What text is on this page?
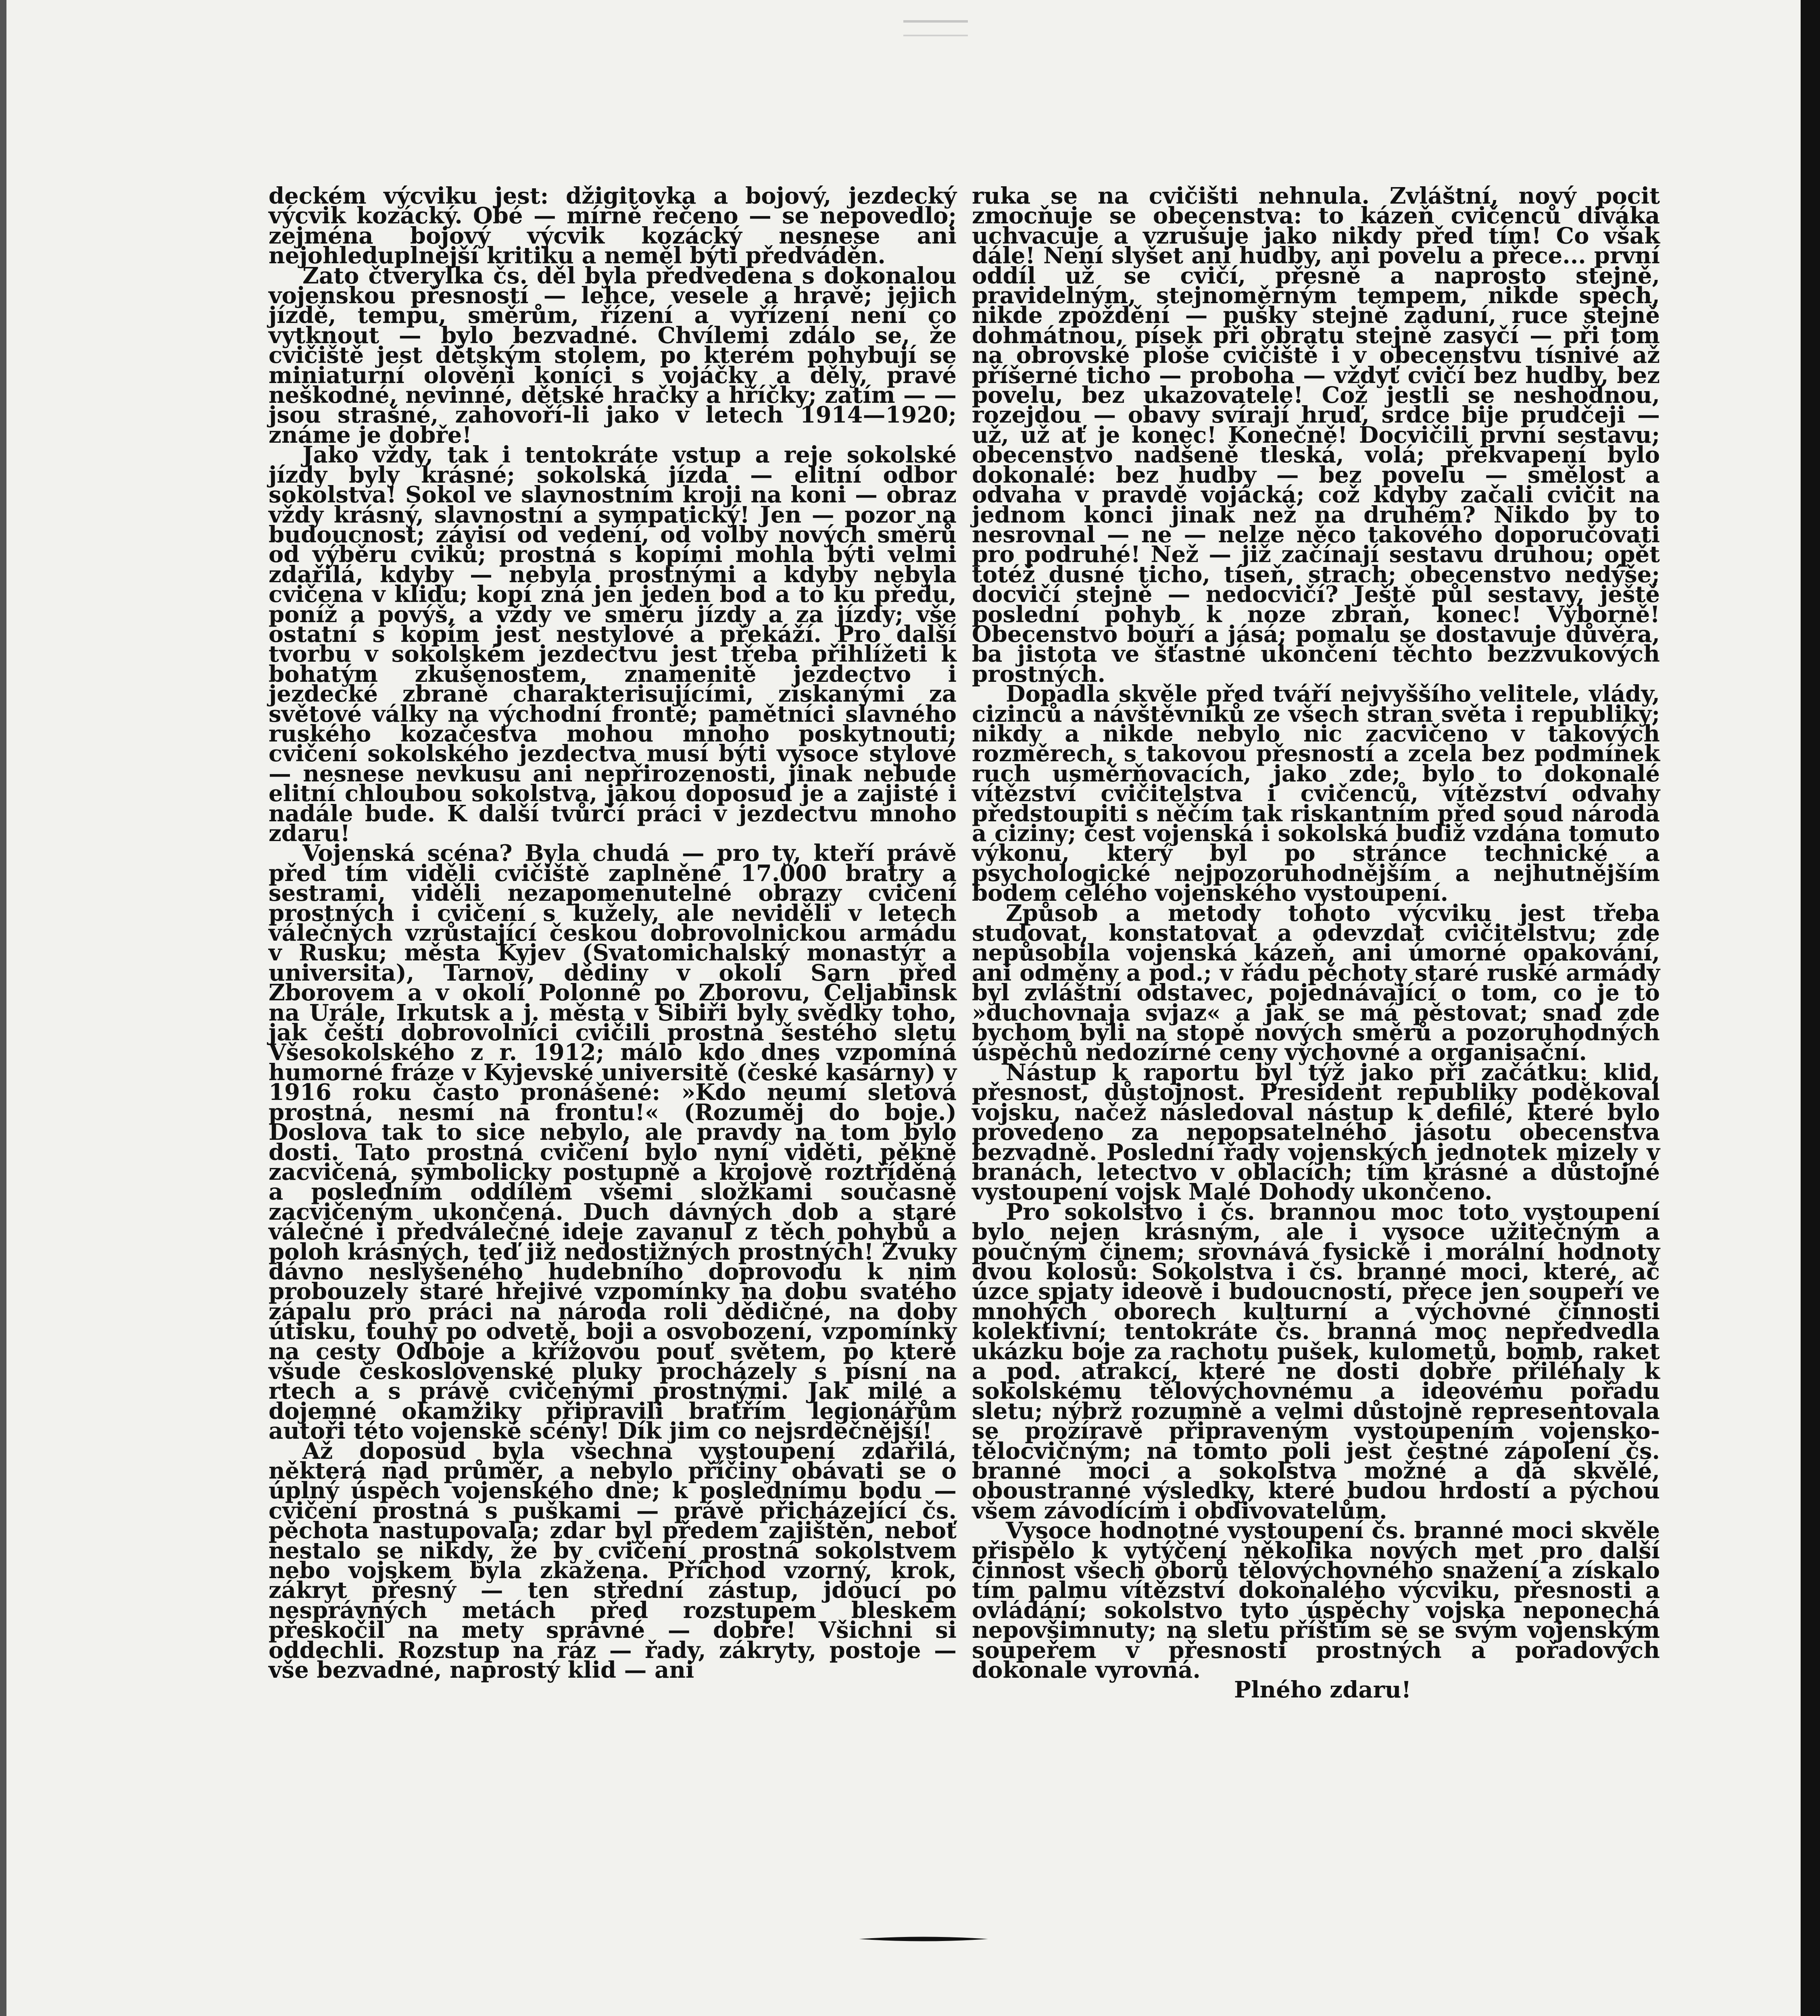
deckém výcviku jest: džigitovka a bojový, jezdecký výcvik kozácký. Obé — mírně řečeno — se nepovedlo; zejména bojový výcvik kozácký nesnese ani nejohleduplnější kritiku a neměl býti předváděn.

Zato čtverylka čs. děl byla předvedena s dokonalou vojenskou přesností — lehce, vesele a hravě; jejich jízdě, tempu, směrům, řízení a vyřízení není co vytknout — bylo bezvadné. Chvílemi zdálo se, že cvičiště jest dětským stolem, po kterém pohybují se miniaturní olověni koníci s vojáčky a děly, pravé neškodné, nevinné, dětské hračky a hříčky; zatím — — jsou strašné, zahovoří-li jako v letech 1914—1920; známe je dobře!

Jako vždy, tak i tentokráte vstup a reje sokolské jízdy byly krásné; sokolská jízda — elitní odbor sokolstva! Sokol ve slavnostním kroji na koni — obraz vždy krásný, slavnostní a sympatický! Jen — pozor na budoucnost; závisí od vedení, od volby nových směrů od výběru cviků; prostná s kopími mohla býti velmi zdařilá, kdyby — nebyla prostnými a kdyby nebyla cvičena v klidu; kopí zná jen jeden bod a to ku předu, poníž a povýš, a vždy ve směru jízdy a za jízdy; vše ostatní s kopím jest nestylové a překáží. Pro další tvorbu v sokolském jezdectvu jest třeba přihlížeti k bohatým zkušenostem, znamenitě jezdectvo i jezdecké zbraně charakterisujícími, získanými za světové války na východní frontě; pamětníci slavného ruského kozačestva mohou mnoho poskytnouti; cvičení sokolského jezdectva musí býti vysoce stylové — nesnese nevkusu ani nepřirozenosti, jinak nebude elitní chloubou sokolstva, jakou doposud je a zajisté i nadále bude. K další tvůrčí práci v jezdectvu mnoho zdaru!

Vojenská scéna? Byla chudá — pro ty, kteří právě před tím viděli cvičiště zaplněné 17.000 bratry a sestrami, viděli nezapomenutelné obrazy cvičení prostných i cvičení s kužely, ale neviděli v letech válečných vzrůstající českou dobrovolnickou armádu v Rusku; města Kyjev (Svatomichalský monastýr a universita), Tarnov, dědiny v okolí Sarn před Zborovem a v okolí Polonné po Zborovu, Čeljabinsk na Urále, Irkutsk a j. města v Sibiři byly svědky toho, jak čeští dobrovolníci cvičili prostná šestého sletu Všesokolského z r. 1912; málo kdo dnes vzpomíná humorné fráze v Kyjevské universitě (české kasárny) v 1916 roku často pronášené: »Kdo neumí sletová prostná, nesmí na frontu!« (Rozuměj do boje.) Doslova tak to sice nebylo, ale pravdy na tom bylo dosti. Tato prostná cvičení bylo nyní viděti, pěkně zacvičená, symbolicky postupně a krojově roztříděná a posledním oddílem všemi složkami současně zacvičeným ukončená. Duch dávných dob a staré válečné i předválečné ideje zavanul z těch pohybů a poloh krásných, teď již nedostižných prostných! Zvuky dávno neslyšeného hudebního doprovodu k nim probouzely staré hřejivé vzpomínky na dobu svatého zápalu pro práci na národa roli dědičné, na doby útisku, touhy po odvetě, boji a osvobození, vzpomínky na cesty Odboje a křížovou pouť světem, po které všude československé pluky procházely s písní na rtech a s právě cvičenými prostnými. Jak milé a dojemné okamžiky připravili bratřím legionářům autoři této vojenské scény! Dík jim co nejsrdečnější!

Až doposud byla všechna vystoupení zdařilá, některá nad průměr, a nebylo příčiny obávati se o úplný úspěch vojenského dne; k poslednímu bodu — cvičení prostná s puškami — právě přicházející čs. pěchota nastupovala; zdar byl předem zajištěn, neboť nestalo se nikdy, že by cvičení prostná sokolstvem nebo vojskem byla zkažena. Příchod vzorný, krok, zákryt přesný — ten střední zástup, jdoucí po nesprávných metách před rozstupem bleskem přeskočil na mety správné — dobře! Všichni si oddechli. Rozstup na ráz — řady, zákryty, postoje — vše bezvadné, naprostý klid — ani

ruka se na cvičišti nehnula. Zvláštní, nový pocit zmocňuje se obecenstva: to kázeň cvičenců diváka uchvacuje a vzrušuje jako nikdy před tím! Co však dále! Není slyšet ani hudby, ani povelu a přece... první oddíl už se cvičí, přesně a naprosto stejně, pravidelným, stejnoměrným tempem, nikde spěch, nikde zpoždění — pušky stejně zaduní, ruce stejně dohmátnou, písek při obratu stejně zasyčí — při tom na obrovské ploše cvičiště i v obecenstvu tísnivé až příšerné ticho — proboha — vždyť cvičí bez hudby, bez povelu, bez ukazovatele! Což jestli se neshodnou, rozejdou — obavy svírají hruď, srdce bije prudčeji — už, už ať je konec! Konečně! Docvičili první sestavu; obecenstvo nadšeně tleská, volá; překvapení bylo dokonalé: bez hudby — bez povelu — smělost a odvaha v pravdě vojácká; což kdyby začali cvičit na jednom konci jinak než na druhém? Nikdo by to nesrovnal — ne — nelze něco takového doporučovati pro podruhé! Než — již začínají sestavu druhou; opět totéž dusné ticho, tíseň, strach; obecenstvo nedýše; docvičí stejně — nedocvičí? Ještě půl sestavy, ještě poslední pohyb k noze zbraň, konec! Výborně! Obecenstvo bouří a jásá; pomalu se dostavuje důvěra, ba jistota ve šťastné ukončení těchto bezzvukových prostných.

Dopadla skvěle před tváří nejvyššího velitele, vlády, cizinců a návštěvníků ze všech stran světa i republiky; nikdy a nikde nebylo nic zacvičeno v takových rozměrech, s takovou přesností a zcela bez podmínek ruch usměrňovacích, jako zde; bylo to dokonalé vítězství cvičitelstva i cvičenců, vítězství odvahy předstoupiti s něčím tak riskantním před soud národa a ciziny; čest vojenská i sokolská budiž vzdána tomuto výkonu, který byl po stránce technické a psychologické nejpozoruhodnějším a nejhutnějším bodem celého vojenského vystoupení.

Způsob a metody tohoto výcviku jest třeba studovat, konstatovat a odevzdat cvičitelstvu; zde nepůsobila vojenská kázeň, ani úmorné opakování, ani odměny a pod.; v řádu pěchoty staré ruské armády byl zvláštní odstavec, pojednávající o tom, co je to »duchovnaja svjaz« a jak se má pěstovat; snad zde bychom byli na stopě nových směrů a pozoruhodných úspěchů nedozírné ceny výchovné a organisační.

Nástup k raportu byl týž jako při začátku: klid, přesnost, důstojnost. President republiky poděkoval vojsku, načež následoval nástup k defilé, které bylo provedeno za nepopsatelného jásotu obecenstva bezvadně. Poslední řady vojenských jednotek mizely v branách, letectvo v oblacích; tím krásné a důstojné vystoupení vojsk Malé Dohody ukončeno.

Pro sokolstvo i čs. brannou moc toto vystoupení bylo nejen krásným, ale i vysoce užitečným a poučným činem; srovnává fysické i morální hodnoty dvou kolosů: Sokolstva i čs. branné moci, které, ač úzce spjaty ideově i budoucností, přece jen soupeří ve mnohých oborech kulturní a výchovné činnosti kolektivní; tentokráte čs. branná moc nepředvedla ukázku boje za rachotu pušek, kulometů, bomb, raket a pod. atrakcí, které ne dosti dobře přiléhaly k sokolskému tělovýchovnému a ideovému pořadu sletu; nýbrž rozumně a velmi důstojně representovala se prozíravě připraveným vystoupením vojensko-tělocvičným; na tomto poli jest čestné zápolení čs. branné moci a sokolstva možné a dá skvělé, oboustranné výsledky, které budou hrdostí a pýchou všem závodícím i obdivovatelům.

Vysoce hodnotné vystoupení čs. branné moci skvěle přispělo k vytýčení několika nových met pro další činnost všech oborů tělovýchovného snažení a získalo tím palmu vítězství dokonalého výcviku, přesnosti a ovládání; sokolstvo tyto úspěchy vojska neponechá nepovšimnuty; na sletu příštím se se svým vojenským soupeřem v přesnosti prostných a pořadových dokonale vyrovná.

Plného zdaru!
